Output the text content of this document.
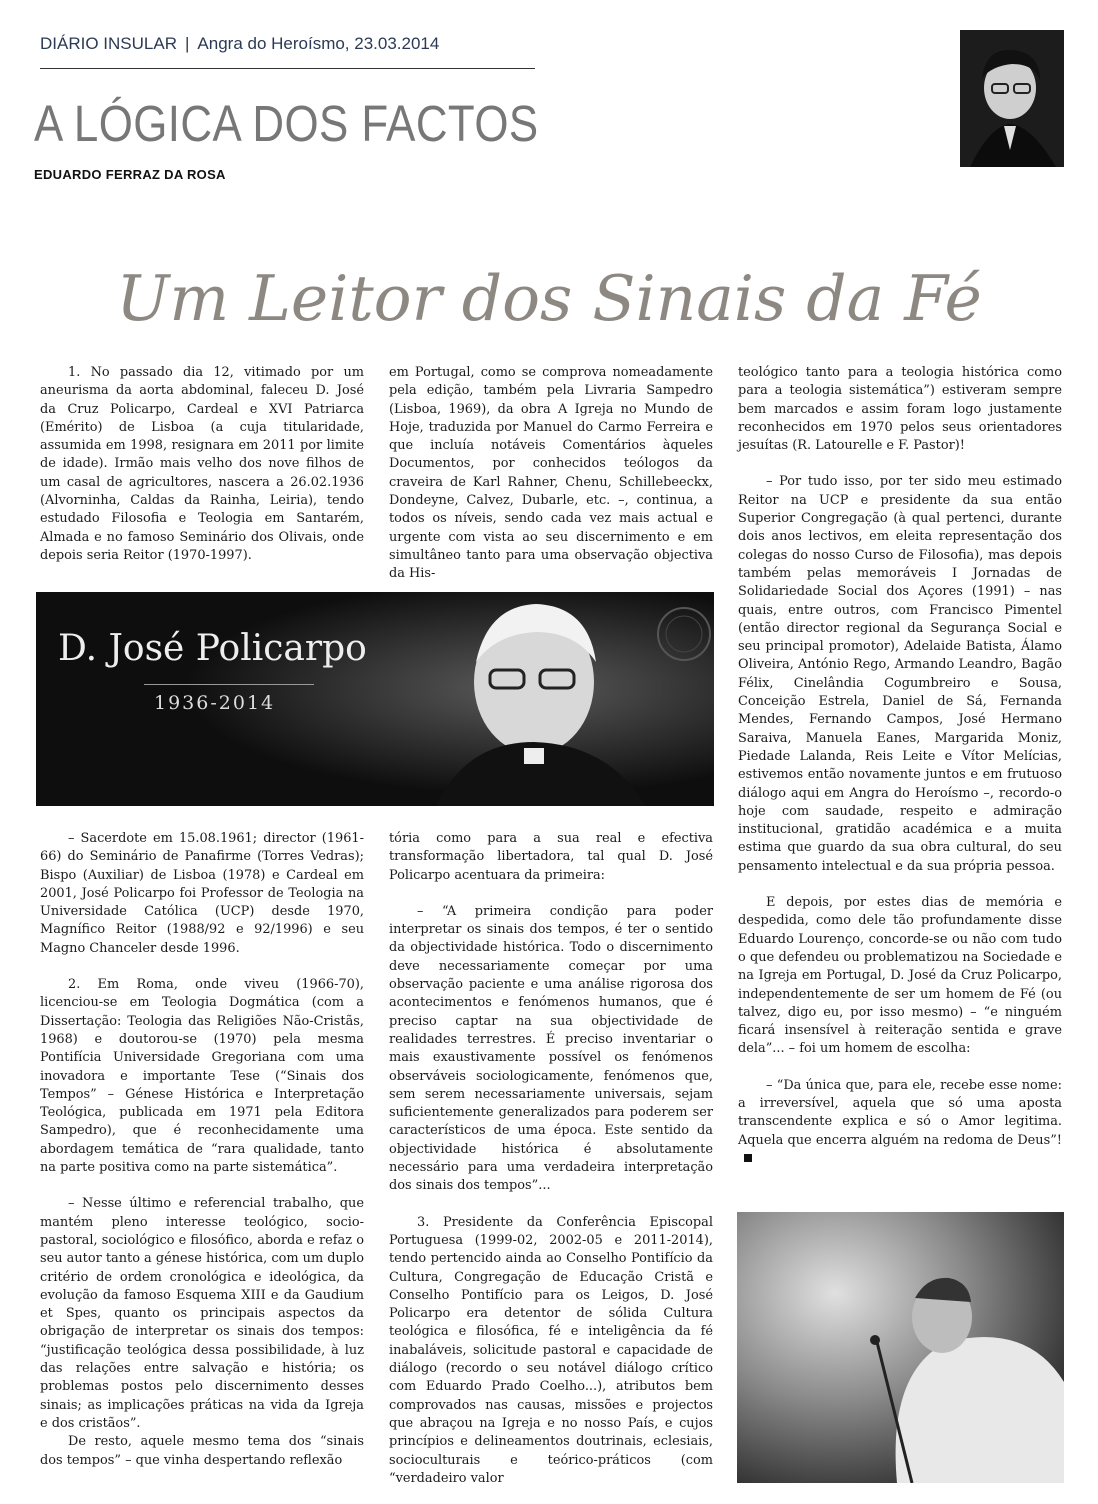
DIÁRIO INSULAR | Angra do Heroísmo, 23.03.2014
A LÓGICA DOS FACTOS
EDUARDO FERRAZ DA ROSA
Um Leitor dos Sinais da Fé

1. No passado dia 12, vitimado por um aneurisma da aorta abdominal, faleceu D. José da Cruz Policarpo, Cardeal e XVI Patriarca (Emérito) de Lisboa (a cuja titularidade, assumida em 1998, resignara em 2011 por limite de idade). Irmão mais velho dos nove filhos de um casal de agricultores, nascera a 26.02.1936 (Alvorninha, Caldas da Rainha, Leiria), tendo estudado Filosofia e Teologia em Santarém, Almada e no famoso Seminário dos Olivais, onde depois seria Reitor (1970-1997).

D. José Policarpo
1936-2014

– Sacerdote em 15.08.1961; director (1961-66) do Seminário de Panafirme (Torres Vedras); Bispo (Auxiliar) de Lisboa (1978) e Cardeal em 2001, José Policarpo foi Professor de Teologia na Universidade Católica (UCP) desde 1970, Magnífico Reitor (1988/92 e 92/1996) e seu Magno Chanceler desde 1996.

2. Em Roma, onde viveu (1966-70), licenciou-se em Teologia Dogmática (com a Dissertação: Teologia das Religiões Não-Cristãs, 1968) e doutorou-se (1970) pela mesma Pontifícia Universidade Gregoriana com uma inovadora e importante Tese (“Sinais dos Tempos” – Génese Histórica e Interpretação Teológica, publicada em 1971 pela Editora Sampedro), que é reconhecidamente uma abordagem temática de “rara qualidade, tanto na parte positiva como na parte sistemática”.

– Nesse último e referencial trabalho, que mantém pleno interesse teológico, socio-pastoral, sociológico e filosófico, aborda e refaz o seu autor tanto a génese histórica, com um duplo critério de ordem cronológica e ideológica, da evolução da famoso Esquema XIII e da Gaudium et Spes, quanto os principais aspectos da obrigação de interpretar os sinais dos tempos: “justificação teológica dessa possibilidade, à luz das relações entre salvação e história; os problemas postos pelo discernimento desses sinais; as implicações práticas na vida da Igreja e dos cristãos”.

De resto, aquele mesmo tema dos “sinais dos tempos” – que vinha despertando reflexão

em Portugal, como se comprova nomeadamente pela edição, também pela Livraria Sampedro (Lisboa, 1969), da obra A Igreja no Mundo de Hoje, traduzida por Manuel do Carmo Ferreira e que incluía notáveis Comentários àqueles Documentos, por conhecidos teólogos da craveira de Karl Rahner, Chenu, Schillebeeckx, Dondeyne, Calvez, Dubarle, etc. –, continua, a todos os níveis, sendo cada vez mais actual e urgente com vista ao seu discernimento e em simultâneo tanto para uma observação objectiva da His-

tória como para a sua real e efectiva transformação libertadora, tal qual D. José Policarpo acentuara da primeira:

– “A primeira condição para poder interpretar os sinais dos tempos, é ter o sentido da objectividade histórica. Todo o discernimento deve necessariamente começar por uma observação paciente e uma análise rigorosa dos acontecimentos e fenómenos humanos, que é preciso captar na sua objectividade de realidades terrestres. É preciso inventariar o mais exaustivamente possível os fenómenos observáveis sociologicamente, fenómenos que, sem serem necessariamente universais, sejam suficientemente generalizados para poderem ser característicos de uma época. Este sentido da objectividade histórica é absolutamente necessário para uma verdadeira interpretação dos sinais dos tempos”...

3. Presidente da Conferência Episcopal Portuguesa (1999-02, 2002-05 e 2011-2014), tendo pertencido ainda ao Conselho Pontifício da Cultura, Congregação de Educação Cristã e Conselho Pontifício para os Leigos, D. José Policarpo era detentor de sólida Cultura teológica e filosófica, fé e inteligência da fé inabaláveis, solicitude pastoral e capacidade de diálogo (recordo o seu notável diálogo crítico com Eduardo Prado Coelho...), atributos bem comprovados nas causas, missões e projectos que abraçou na Igreja e no nosso País, e cujos princípios e delineamentos doutrinais, eclesiais, socioculturais e teórico-práticos (com “verdadeiro valor

teológico tanto para a teologia histórica como para a teologia sistemática”) estiveram sempre bem marcados e assim foram logo justamente reconhecidos em 1970 pelos seus orientadores jesuítas (R. Latourelle e F. Pastor)!

– Por tudo isso, por ter sido meu estimado Reitor na UCP e presidente da sua então Superior Congregação (à qual pertenci, durante dois anos lectivos, em eleita representação dos colegas do nosso Curso de Filosofia), mas depois também pelas memoráveis I Jornadas de Solidariedade Social dos Açores (1991) – nas quais, entre outros, com Francisco Pimentel (então director regional da Segurança Social e seu principal promotor), Adelaide Batista, Álamo Oliveira, António Rego, Armando Leandro, Bagão Félix, Cinelândia Cogumbreiro e Sousa, Conceição Estrela, Daniel de Sá, Fernanda Mendes, Fernando Campos, José Hermano Saraiva, Manuela Eanes, Margarida Moniz, Piedade Lalanda, Reis Leite e Vítor Melícias, estivemos então novamente juntos e em frutuoso diálogo aqui em Angra do Heroísmo –, recordo-o hoje com saudade, respeito e admiração institucional, gratidão académica e a muita estima que guardo da sua obra cultural, do seu pensamento intelectual e da sua própria pessoa.

E depois, por estes dias de memória e despedida, como dele tão profundamente disse Eduardo Lourenço, concorde-se ou não com tudo o que defendeu ou problematizou na Sociedade e na Igreja em Portugal, D. José da Cruz Policarpo, independentemente de ser um homem de Fé (ou talvez, digo eu, por isso mesmo) – “e ninguém ficará insensível à reiteração sentida e grave dela”... – foi um homem de escolha:

– “Da única que, para ele, recebe esse nome: a irreversível, aquela que só uma aposta transcendente explica e só o Amor legitima. Aquela que encerra alguém na redoma de Deus”!
